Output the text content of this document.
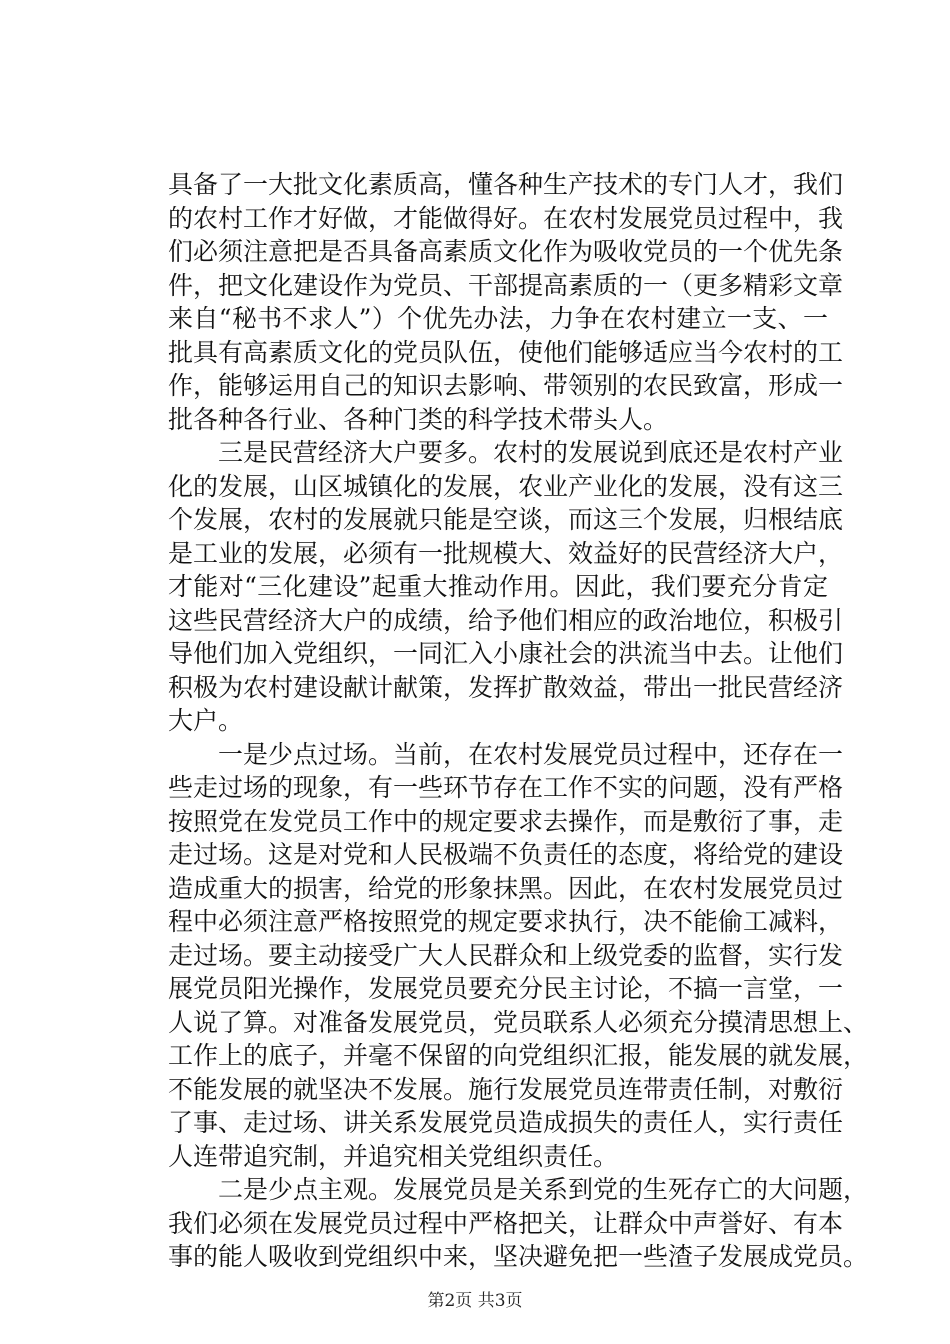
具备了一大批文化素质高，懂各种生产技术的专门人才，我们
的农村工作才好做，才能做得好。在农村发展党员过程中，我
们必须注意把是否具备高素质文化作为吸收党员的一个优先条
件，把文化建设作为党员、干部提高素质的一（更多精彩文章
来自“秘书不求人”）个优先办法，力争在农村建立一支、一
批具有高素质文化的党员队伍，使他们能够适应当今农村的工
作，能够运用自己的知识去影响、带领别的农民致富，形成一
批各种各行业、各种门类的科学技术带头人。
　　三是民营经济大户要多。农村的发展说到底还是农村产业
化的发展，山区城镇化的发展，农业产业化的发展，没有这三
个发展，农村的发展就只能是空谈，而这三个发展，归根结底
是工业的发展，必须有一批规模大、效益好的民营经济大户，
才能对“三化建设”起重大推动作用。因此，我们要充分肯定
这些民营经济大户的成绩，给予他们相应的政治地位，积极引
导他们加入党组织，一同汇入小康社会的洪流当中去。让他们
积极为农村建设献计献策，发挥扩散效益，带出一批民营经济
大户。
　　一是少点过场。当前，在农村发展党员过程中，还存在一
些走过场的现象，有一些环节存在工作不实的问题，没有严格
按照党在发党员工作中的规定要求去操作，而是敷衍了事，走
走过场。这是对党和人民极端不负责任的态度，将给党的建设
造成重大的损害，给党的形象抹黑。因此，在农村发展党员过
程中必须注意严格按照党的规定要求执行，决不能偷工减料，
走过场。要主动接受广大人民群众和上级党委的监督，实行发
展党员阳光操作，发展党员要充分民主讨论，不搞一言堂，一
人说了算。对准备发展党员，党员联系人必须充分摸清思想上、
工作上的底子，并毫不保留的向党组织汇报，能发展的就发展，
不能发展的就坚决不发展。施行发展党员连带责任制，对敷衍
了事、走过场、讲关系发展党员造成损失的责任人，实行责任
人连带追究制，并追究相关党组织责任。
　　二是少点主观。发展党员是关系到党的生死存亡的大问题，
我们必须在发展党员过程中严格把关，让群众中声誉好、有本
事的能人吸收到党组织中来，坚决避免把一些渣子发展成党员。
第2页 共3页
